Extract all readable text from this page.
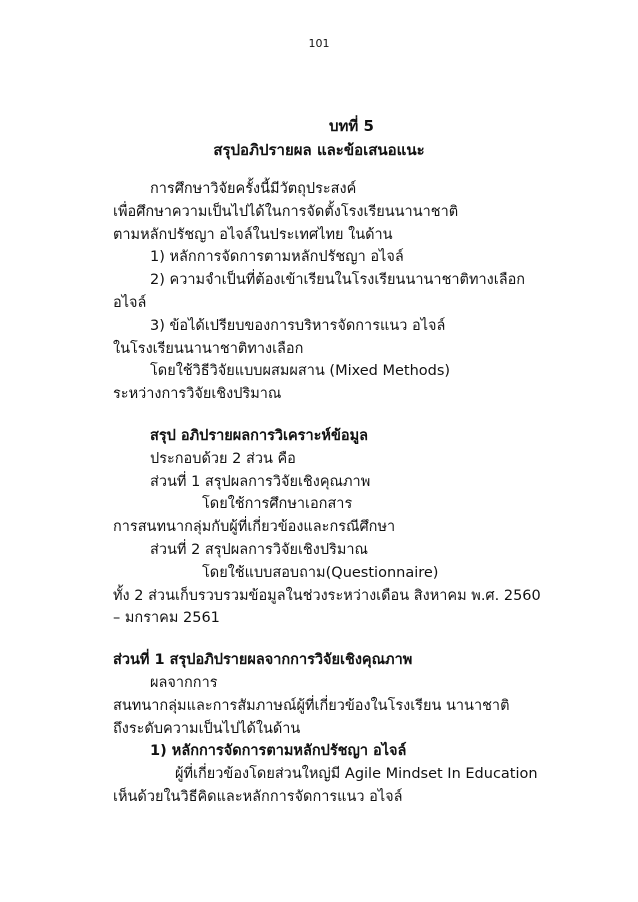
101
บทที่ 5
สรุปอภิปรายผล และข้อเสนอแนะ
การศึกษาวิจัยครั้งนี้มีวัตถุประสงค์
เพื่อศึกษาความเป็นไปได้ในการจัดตั้งโรงเรียนนานาชาติ
ตามหลักปรัชญา อไจล์ในประเทศไทย ในด้าน
1) หลักการจัดการตามหลักปรัชญา อไจล์
2) ความจำเป็นที่ต้องเข้าเรียนในโรงเรียนนานาชาติทางเลือก
อไจล์
3) ข้อได้เปรียบของการบริหารจัดการแนว อไจล์
ในโรงเรียนนานาชาติทางเลือก
โดยใช้วิธีวิจัยแบบผสมผสาน (Mixed Methods)
ระหว่างการวิจัยเชิงปริมาณ
สรุป อภิปรายผลการวิเคราะห์ข้อมูล
ประกอบด้วย 2 ส่วน คือ
ส่วนที่ 1 สรุปผลการวิจัยเชิงคุณภาพ
โดยใช้การศึกษาเอกสาร
การสนทนากลุ่มกับผู้ที่เกี่ยวข้องและกรณีศึกษา
ส่วนที่ 2 สรุปผลการวิจัยเชิงปริมาณ
โดยใช้แบบสอบถาม(Questionnaire)
ทั้ง 2 ส่วนเก็บรวบรวมข้อมูลในช่วงระหว่างเดือน สิงหาคม พ.ศ. 2560
– มกราคม 2561
ส่วนที่ 1 สรุปอภิปรายผลจากการวิจัยเชิงคุณภาพ
ผลจากการ
สนทนากลุ่มและการสัมภาษณ์ผู้ที่เกี่ยวข้องในโรงเรียน นานาชาติ
ถึงระดับความเป็นไปได้ในด้าน
1) หลักการจัดการตามหลักปรัชญา อไจล์
ผู้ที่เกี่ยวข้องโดยส่วนใหญ่มี Agile Mindset In Education
เห็นด้วยในวิธีคิดและหลักการจัดการแนว อไจล์
